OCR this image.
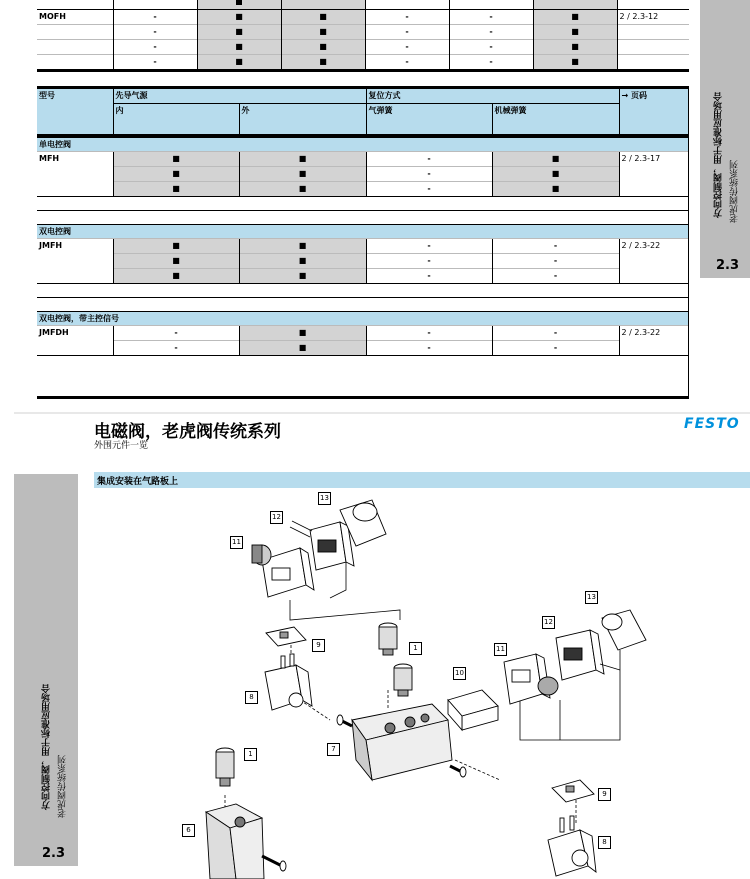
MOFH	-	■	■	-	-	■	2 / 2.3-12
	-	■	■	-	-	■	
	-	■	■	-	-	■	
	-	■	■	-	-	■	
型号	先导气源		复位方式		→ 页码
	内	外	气弹簧	机械弹簧	

单电控阀					
MFH	■	■	-	■	2 / 2.3-17
	■	■	-	■	
	■	■	-	■	

双电控阀					
JMFH	■	■	-	-	2 / 2.3-22
	■	■	-	-	
	■	■	-	-	

双电控阀，带主控信号					
JMFDH	-	■	-	-	2 / 2.3-22
	-	■	-	-	

方向控制阀，用于标准应用场合 老虎阀传统系列
2.3
电磁阀，老虎阀传统系列
外围元件一览
FESTO
集成安装在气路板上
方向控制阀，用于标准应用场合 老虎阀传统系列
2.3
13
12
11
9
8
1
10
7
13
12
11
1
9
6
8
